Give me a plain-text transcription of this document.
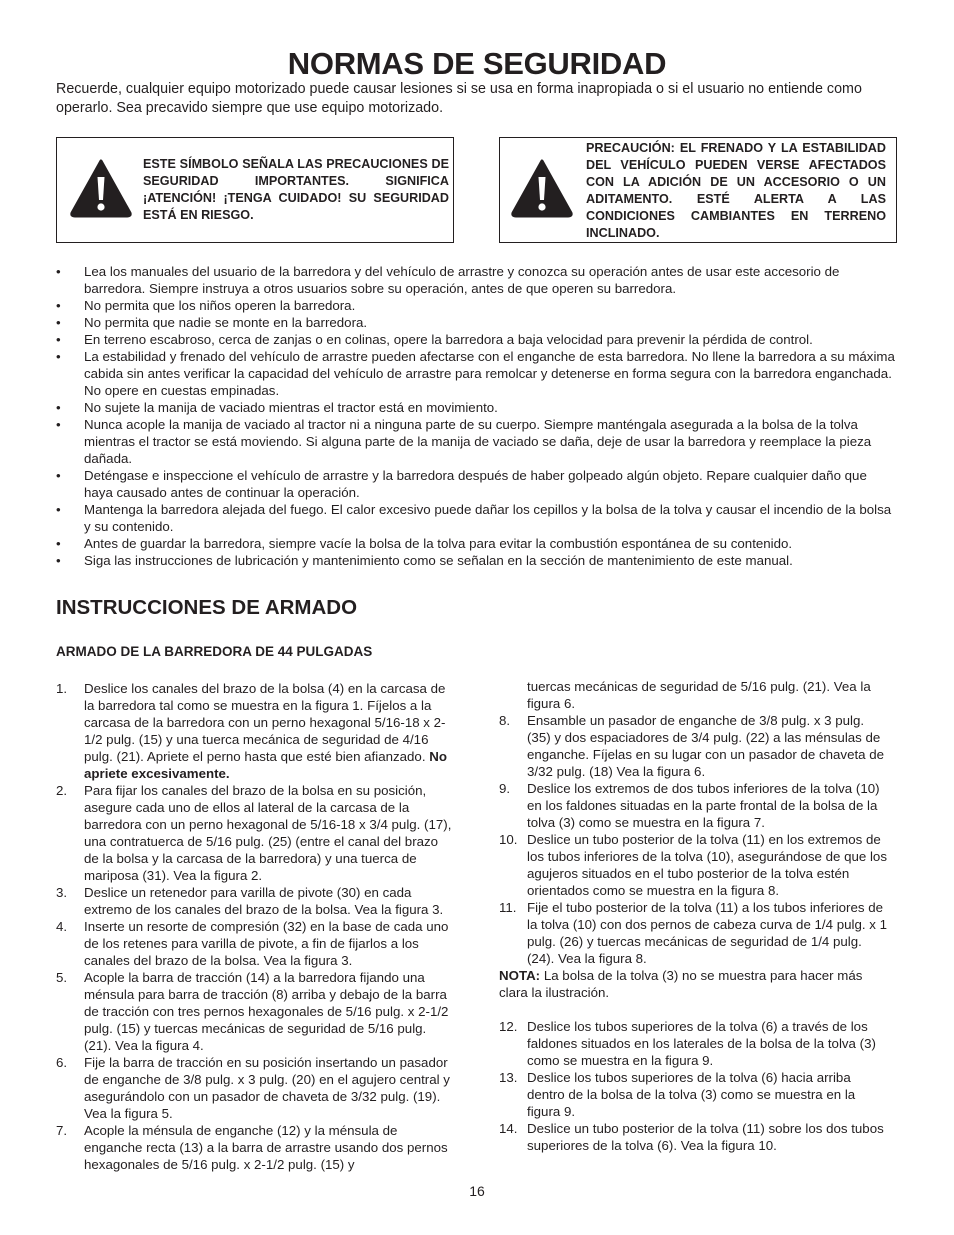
NORMAS DE SEGURIDAD
Recuerde, cualquier equipo motorizado puede causar lesiones si se usa en forma inapropiada o si el usuario no entiende como operarlo. Sea precavido siempre que use equipo motorizado.
ESTE SÍMBOLO SEÑALA LAS PRECAUCIONES DE SEGURIDAD IMPORTANTES. SIGNIFICA ¡ATENCIÓN! ¡TENGA CUIDADO! SU SEGURIDAD ESTÁ EN RIESGO.
PRECAUCIÓN: EL FRENADO Y LA ESTABILIDAD DEL VEHÍCULO PUEDEN VERSE AFECTADOS CON LA ADICIÓN DE UN ACCESORIO O UN ADITAMENTO. ESTÉ ALERTA A LAS CONDICIONES CAMBIANTES EN TERRENO INCLINADO.
• Lea los manuales del usuario de la barredora y del vehículo de arrastre y conozca su operación antes de usar este accesorio de barredora. Siempre instruya a otros usuarios sobre su operación, antes de que operen su barredora.
• No permita que los niños operen la barredora.
• No permita que nadie se monte en la barredora.
• En terreno escabroso, cerca de zanjas o en colinas, opere la barredora a baja velocidad para prevenir la pérdida de control.
• La estabilidad y frenado del vehículo de arrastre pueden afectarse con el enganche de esta barredora. No llene la barredora a su máxima cabida sin antes verificar la capacidad del vehículo de arrastre para remolcar y detenerse en forma segura con la barredora enganchada. No opere en cuestas empinadas.
• No sujete la manija de vaciado mientras el tractor está en movimiento.
• Nunca acople la manija de vaciado al tractor ni a ninguna parte de su cuerpo. Siempre manténgala asegurada a la bolsa de la tolva mientras el tractor se está moviendo. Si alguna parte de la manija de vaciado se daña, deje de usar la barredora y reemplace la pieza dañada.
• Deténgase e inspeccione el vehículo de arrastre y la barredora después de haber golpeado algún objeto. Repare cualquier daño que haya causado antes de continuar la operación.
• Mantenga la barredora alejada del fuego. El calor excesivo puede dañar los cepillos y la bolsa de la tolva y causar el incendio de la bolsa y su contenido.
• Antes de guardar la barredora, siempre vacíe la bolsa de la tolva para evitar la combustión espontánea de su contenido.
• Siga las instrucciones de lubricación y mantenimiento como se señalan en la sección de mantenimiento de este manual.
INSTRUCCIONES DE ARMADO
ARMADO DE LA BARREDORA DE 44 PULGADAS
1. Deslice los canales del brazo de la bolsa (4) en la carcasa de la barredora tal como se muestra en la figura 1. Fíjelos a la carcasa de la barredora con un perno hexagonal 5/16-18 x 2-1/2 pulg. (15) y una tuerca mecánica de seguridad de 4/16 pulg. (21). Apriete el perno hasta que esté bien afianzado. No apriete excesivamente.
2. Para fijar los canales del brazo de la bolsa en su posición, asegure cada uno de ellos al lateral de la carcasa de la barredora con un perno hexagonal de 5/16-18 x 3/4 pulg. (17), una contratuerca de 5/16 pulg. (25) (entre el canal del brazo de la bolsa y la carcasa de la barredora) y una tuerca de mariposa (31). Vea la figura 2.
3. Deslice un retenedor para varilla de pivote (30) en cada extremo de los canales del brazo de la bolsa. Vea la figura 3.
4. Inserte un resorte de compresión (32) en la base de cada uno de los retenes para varilla de pivote, a fin de fijarlos a los canales del brazo de la bolsa. Vea la figura 3.
5. Acople la barra de tracción (14) a la barredora fijando una ménsula para barra de tracción (8) arriba y debajo de la barra de tracción con tres pernos hexagonales de 5/16 pulg. x 2-1/2 pulg. (15) y tuercas mecánicas de seguridad de 5/16 pulg. (21). Vea la figura 4.
6. Fije la barra de tracción en su posición insertando un pasador de enganche de 3/8 pulg. x 3 pulg. (20) en el agujero central y asegurándolo con un pasador de chaveta de 3/32 pulg. (19). Vea la figura 5.
7. Acople la ménsula de enganche (12) y la ménsula de enganche recta (13) a la barra de arrastre usando dos pernos hexagonales de 5/16 pulg. x 2-1/2 pulg. (15) y
tuercas mecánicas de seguridad de 5/16 pulg. (21). Vea la figura 6.
8. Ensamble un pasador de enganche de 3/8 pulg. x 3 pulg. (35) y dos espaciadores de 3/4 pulg. (22) a las ménsulas de enganche. Fíjelas en su lugar con un pasador de chaveta de 3/32 pulg. (18) Vea la figura 6.
9. Deslice los extremos de dos tubos inferiores de la tolva (10) en los faldones situadas en la parte frontal de la bolsa de la tolva (3) como se muestra en la figura 7.
10. Deslice un tubo posterior de la tolva (11) en los extremos de los tubos inferiores de la tolva (10), asegurándose de que los agujeros situados en el tubo posterior de la tolva estén orientados como se muestra en la figura 8.
11. Fije el tubo posterior de la tolva (11) a los tubos inferiores de la tolva (10) con dos pernos de cabeza curva de 1/4 pulg. x 1 pulg. (26) y tuercas mecánicas de seguridad de 1/4 pulg. (24). Vea la figura 8.
NOTA: La bolsa de la tolva (3) no se muestra para hacer más clara la ilustración.
12. Deslice los tubos superiores de la tolva (6) a través de los faldones situados en los laterales de la bolsa de la tolva (3) como se muestra en la figura 9.
13. Deslice los tubos superiores de la tolva (6) hacia arriba dentro de la bolsa de la tolva (3) como se muestra en la figura 9.
14. Deslice un tubo posterior de la tolva (11) sobre los dos tubos superiores de la tolva (6). Vea la figura 10.
16
